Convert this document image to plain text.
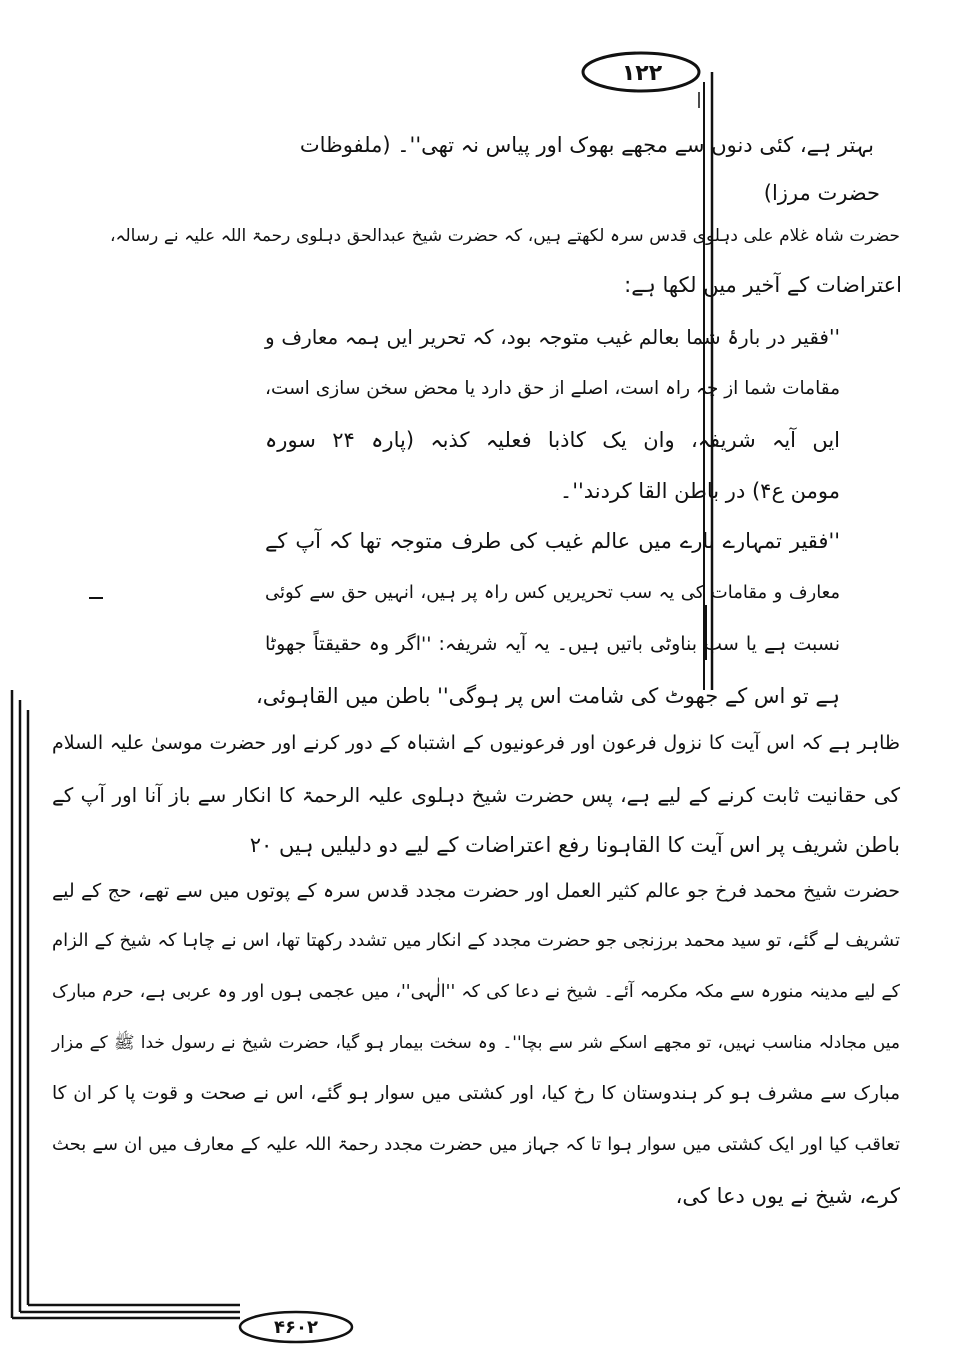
۱۲۲
۴۶۰۲
بہتر ہے، کئی دنوں سے مجھے بھوک اور پیاس نہ تھی''۔ (ملفوظات
حضرت مرزا)
حضرت شاہ غلام علی دہلوی قدس سرہ لکھتے ہیں، کہ حضرت شیخ عبدالحق دہلوی رحمۃ اللہ علیہ نے رسالہ،
اعتراضات کے آخیر میں لکھا ہے:
''فقیر در بارۂ شما بعالم غیب متوجہ بود، کہ تحریر ایں ہمہ معارف و
مقامات شما از چہ راہ است، اصلے از حق دارد یا محض سخن سازی است،
ایں آیہ شریفہ، وان یک کاذبا فعلیہ کذبہ (پارہ ۲۴ سورہ
مومن ع۴) در باطن القا کردند''۔
''فقیر تمہارے بارے میں عالم غیب کی طرف متوجہ تھا کہ آپ کے
معارف و مقامات کی یہ سب تحریریں کس راہ پر ہیں، انہیں حق سے کوئی
نسبت ہے یا سب بناوٹی باتیں ہیں۔ یہ آیہ شریفہ: ''اگر وہ حقیقتاً جھوٹا
ہے تو اس کے جھوٹ کی شامت اس پر ہوگی'' باطن میں القاہوئی،
ظاہر ہے کہ اس آیت کا نزول فرعون اور فرعونیوں کے اشتباہ کے دور کرنے اور حضرت موسیٰ علیہ السلام
کی حقانیت ثابت کرنے کے لیے ہے، پس حضرت شیخ دہلوی علیہ الرحمۃ کا انکار سے باز آنا اور آپ کے
باطن شریف پر اس آیت کا القاہونا رفع اعتراضات کے لیے دو دلیلیں ہیں ۲۰
حضرت شیخ محمد فرخ جو عالم کثیر العمل اور حضرت مجدد قدس سرہ کے پوتوں میں سے تھے، حج کے لیے
تشریف لے گئے، تو سید محمد برزنجی جو حضرت مجدد کے انکار میں تشدد رکھتا تھا، اس نے چاہا کہ شیخ کے الزام
کے لیے مدینہ منورہ سے مکہ مکرمہ آئے۔ شیخ نے دعا کی کہ ''الٰہی''، میں عجمی ہوں اور وہ عربی ہے، حرم مبارک
میں مجادلہ مناسب نہیں، تو مجھے اسکے شر سے بچا''۔ وہ سخت بیمار ہو گیا، حضرت شیخ نے رسول خدا ﷺ کے مزار
مبارک سے مشرف ہو کر ہندوستان کا رخ کیا، اور کشتی میں سوار ہو گئے، اس نے صحت و قوت پا کر ان کا
تعاقب کیا اور ایک کشتی میں سوار ہوا تا کہ جہاز میں حضرت مجدد رحمۃ اللہ علیہ کے معارف میں ان سے بحث
کرے، شیخ نے یوں دعا کی،
